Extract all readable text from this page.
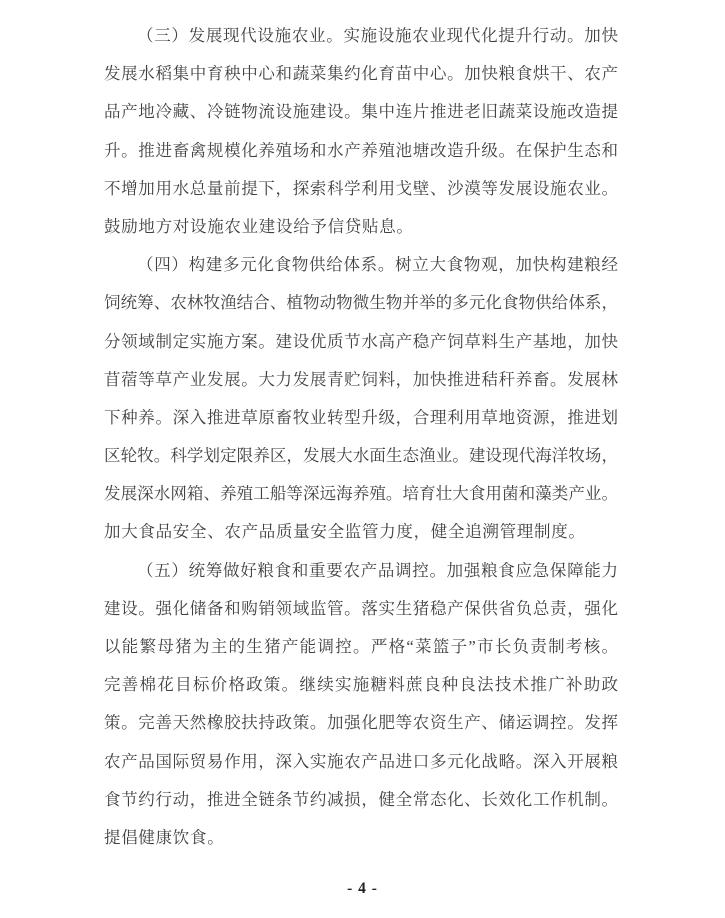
（三）发展现代设施农业。实施设施农业现代化提升行动。加快
发展水稻集中育秧中心和蔬菜集约化育苗中心。加快粮食烘干、农产
品产地冷藏、冷链物流设施建设。集中连片推进老旧蔬菜设施改造提
升。推进畜禽规模化养殖场和水产养殖池塘改造升级。在保护生态和
不增加用水总量前提下，探索科学利用戈壁、沙漠等发展设施农业。
鼓励地方对设施农业建设给予信贷贴息。
（四）构建多元化食物供给体系。树立大食物观，加快构建粮经
饲统筹、农林牧渔结合、植物动物微生物并举的多元化食物供给体系，
分领域制定实施方案。建设优质节水高产稳产饲草料生产基地，加快
苜蓿等草产业发展。大力发展青贮饲料，加快推进秸秆养畜。发展林
下种养。深入推进草原畜牧业转型升级，合理利用草地资源，推进划
区轮牧。科学划定限养区，发展大水面生态渔业。建设现代海洋牧场，
发展深水网箱、养殖工船等深远海养殖。培育壮大食用菌和藻类产业。
加大食品安全、农产品质量安全监管力度，健全追溯管理制度。
（五）统筹做好粮食和重要农产品调控。加强粮食应急保障能力
建设。强化储备和购销领域监管。落实生猪稳产保供省负总责，强化
以能繁母猪为主的生猪产能调控。严格“菜篮子”市长负责制考核。
完善棉花目标价格政策。继续实施糖料蔗良种良法技术推广补助政
策。完善天然橡胶扶持政策。加强化肥等农资生产、储运调控。发挥
农产品国际贸易作用，深入实施农产品进口多元化战略。深入开展粮
食节约行动，推进全链条节约减损，健全常态化、长效化工作机制。
提倡健康饮食。
- 4 -
